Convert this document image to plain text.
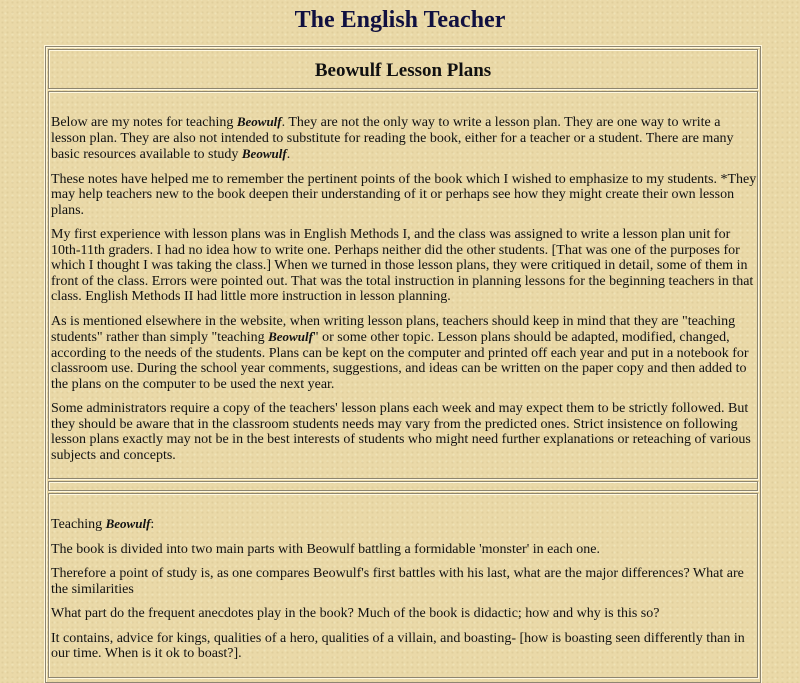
The English Teacher
Beowulf Lesson Plans

Below are my notes for teaching Beowulf. They are not the only way to write a lesson plan. They are one way to write a lesson plan. They are also not intended to substitute for reading the book, either for a teacher or a student. There are many basic resources available to study Beowulf.

These notes have helped me to remember the pertinent points of the book which I wished to emphasize to my students. *They may help teachers new to the book deepen their understanding of it or perhaps see how they might create their own lesson plans.

My first experience with lesson plans was in English Methods I, and the class was assigned to write a lesson plan unit for 10th-11th graders. I had no idea how to write one. Perhaps neither did the other students. [That was one of the purposes for which I thought I was taking the class.] When we turned in those lesson plans, they were critiqued in detail, some of them in front of the class. Errors were pointed out. That was the total instruction in planning lessons for the beginning teachers in that class. English Methods II had little more instruction in lesson planning.

As is mentioned elsewhere in the website, when writing lesson plans, teachers should keep in mind that they are "teaching students" rather than simply "teaching Beowulf" or some other topic. Lesson plans should be adapted, modified, changed, according to the needs of the students. Plans can be kept on the computer and printed off each year and put in a notebook for classroom use. During the school year comments, suggestions, and ideas can be written on the paper copy and then added to the plans on the computer to be used the next year.

Some administrators require a copy of the teachers' lesson plans each week and may expect them to be strictly followed. But they should be aware that in the classroom students needs may vary from the predicted ones. Strict insistence on following lesson plans exactly may not be in the best interests of students who might need further explanations or reteaching of various subjects and concepts.

Teaching Beowulf:

The book is divided into two main parts with Beowulf battling a formidable 'monster' in each one.

Therefore a point of study is, as one compares Beowulf's first battles with his last, what are the major differences? What are the similarities

What part do the frequent anecdotes play in the book? Much of the book is didactic; how and why is this so?

It contains, advice for kings, qualities of a hero, qualities of a villain, and boasting- [how is boasting seen differently than in our time. When is it ok to boast?].
